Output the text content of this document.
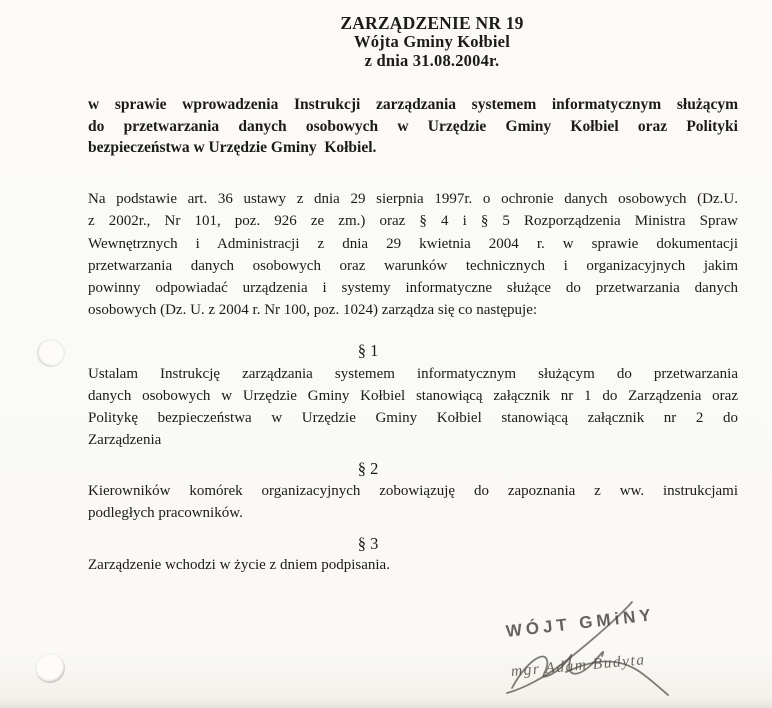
ZARZĄDZENIE NR 19
Wójta Gminy Kołbiel
z dnia 31.08.2004r.
w sprawie wprowadzenia Instrukcji zarządzania systemem informatycznym służącym
do przetwarzania danych osobowych w Urzędzie Gminy Kołbiel oraz Polityki
bezpieczeństwa w Urzędzie Gminy  Kołbiel.
Na podstawie art. 36 ustawy z dnia 29 sierpnia 1997r. o ochronie danych osobowych (Dz.U.
z 2002r., Nr 101, poz. 926 ze zm.) oraz § 4 i § 5 Rozporządzenia Ministra Spraw
Wewnętrznych i Administracji z dnia 29 kwietnia 2004 r. w sprawie dokumentacji
przetwarzania danych osobowych oraz warunków technicznych i organizacyjnych jakim
powinny odpowiadać urządzenia i systemy informatyczne służące do przetwarzania danych
osobowych (Dz. U. z 2004 r. Nr 100, poz. 1024) zarządza się co następuje:
§ 1
Ustalam Instrukcję zarządzania systemem informatycznym służącym do przetwarzania
danych osobowych w Urzędzie Gminy Kołbiel stanowiącą załącznik nr 1 do Zarządzenia oraz
Politykę bezpieczeństwa w Urzędzie Gminy Kołbiel stanowiącą załącznik nr 2 do
Zarządzenia
§ 2
Kierowników komórek organizacyjnych zobowiązuję do zapoznania z ww. instrukcjami
podległych pracowników.
§ 3
Zarządzenie wchodzi w życie z dniem podpisania.
WÓJT GMiNY
mgr Adam Budyta
